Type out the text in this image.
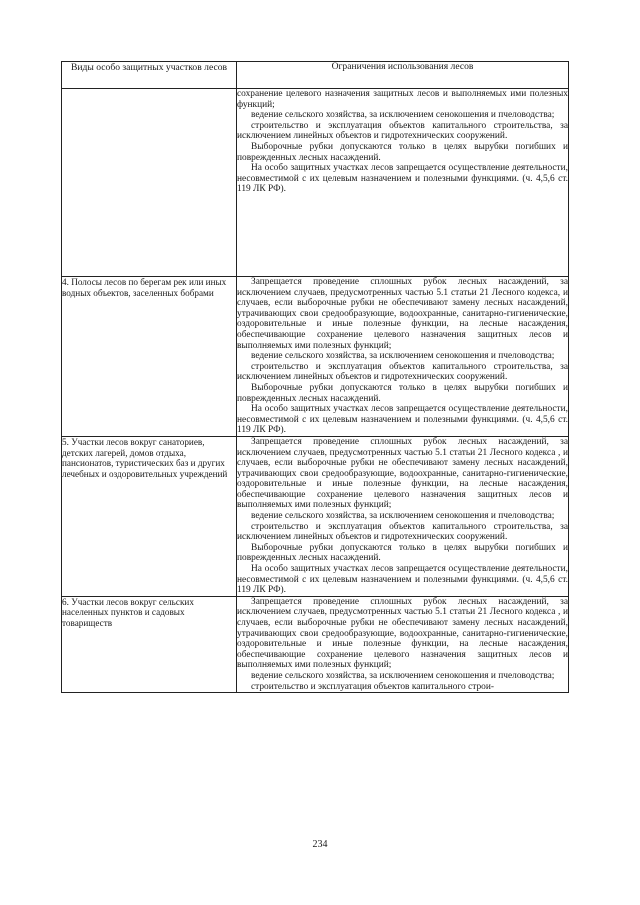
Виды особо защитных участков лесов	Ограничения использования лесов

	сохранение целевого назначения защитных лесов и выполняемых ими полезных функций;

ведение сельского хозяйства, за исключением сенокошения и пчеловодства;

строительство и эксплуатация объектов капитального строительства, за исключением линейных объектов и гидротехнических сооружений.

Выборочные рубки допускаются только в целях вырубки погибших и поврежденных лесных насаждений.

На особо защитных участках лесов запрещается осуществление деятельности, несовместимой с их целевым назначением и полезными функциями. (ч. 4,5,6 ст. 119 ЛК РФ).

4. Полосы лесов по берегам рек или иных водных объектов, заселенных бобрами	Запрещается проведение сплошных рубок лесных насаждений, за исключением случаев, предусмотренных частью 5.1 статьи 21 Лесного кодекса, и случаев, если выборочные рубки не обеспечивают замену лесных насаждений, утрачивающих свои средообразующие, водоохранные, санитарно-гигиенические, оздоровительные и иные полезные функции, на лесные насаждения, обеспечивающие сохранение целевого назначения защитных лесов и выполняемых ими полезных функций;

ведение сельского хозяйства, за исключением сенокошения и пчеловодства;

строительство и эксплуатация объектов капитального строительства, за исключением линейных объектов и гидротехнических сооружений.

Выборочные рубки допускаются только в целях вырубки погибших и поврежденных лесных насаждений.

На особо защитных участках лесов запрещается осуществление деятельности, несовместимой с их целевым назначением и полезными функциями. (ч. 4,5,6 ст. 119 ЛК РФ).

5. Участки лесов вокруг санаториев, детских лагерей, домов отдыха, пансионатов, туристических баз и других лечебных и оздоровительных учреждений	Запрещается проведение сплошных рубок лесных насаждений, за исключением случаев, предусмотренных частью 5.1 статьи 21 Лесного кодекса , и случаев, если выборочные рубки не обеспечивают замену лесных насаждений, утрачивающих свои средообразующие, водоохранные, санитарно-гигиенические, оздоровительные и иные полезные функции, на лесные насаждения, обеспечивающие сохранение целевого назначения защитных лесов и выполняемых ими полезных функций;

ведение сельского хозяйства, за исключением сенокошения и пчеловодства;

строительство и эксплуатация объектов капитального строительства, за исключением линейных объектов и гидротехнических сооружений.

Выборочные рубки допускаются только в целях вырубки погибших и поврежденных лесных насаждений.

На особо защитных участках лесов запрещается осуществление деятельности, несовместимой с их целевым назначением и полезными функциями. (ч. 4,5,6 ст. 119 ЛК РФ).

6. Участки лесов вокруг сельских населенных пунктов и садовых товариществ	Запрещается проведение сплошных рубок лесных насаждений, за исключением случаев, предусмотренных частью 5.1 статьи 21 Лесного кодекса , и случаев, если выборочные рубки не обеспечивают замену лесных насаждений, утрачивающих свои средообразующие, водоохранные, санитарно-гигиенические, оздоровительные и иные полезные функции, на лесные насаждения, обеспечивающие сохранение целевого назначения защитных лесов и выполняемых ими полезных функций;

ведение сельского хозяйства, за исключением сенокошения и пчеловодства;

строительство и эксплуатация объектов капитального строи-

234
